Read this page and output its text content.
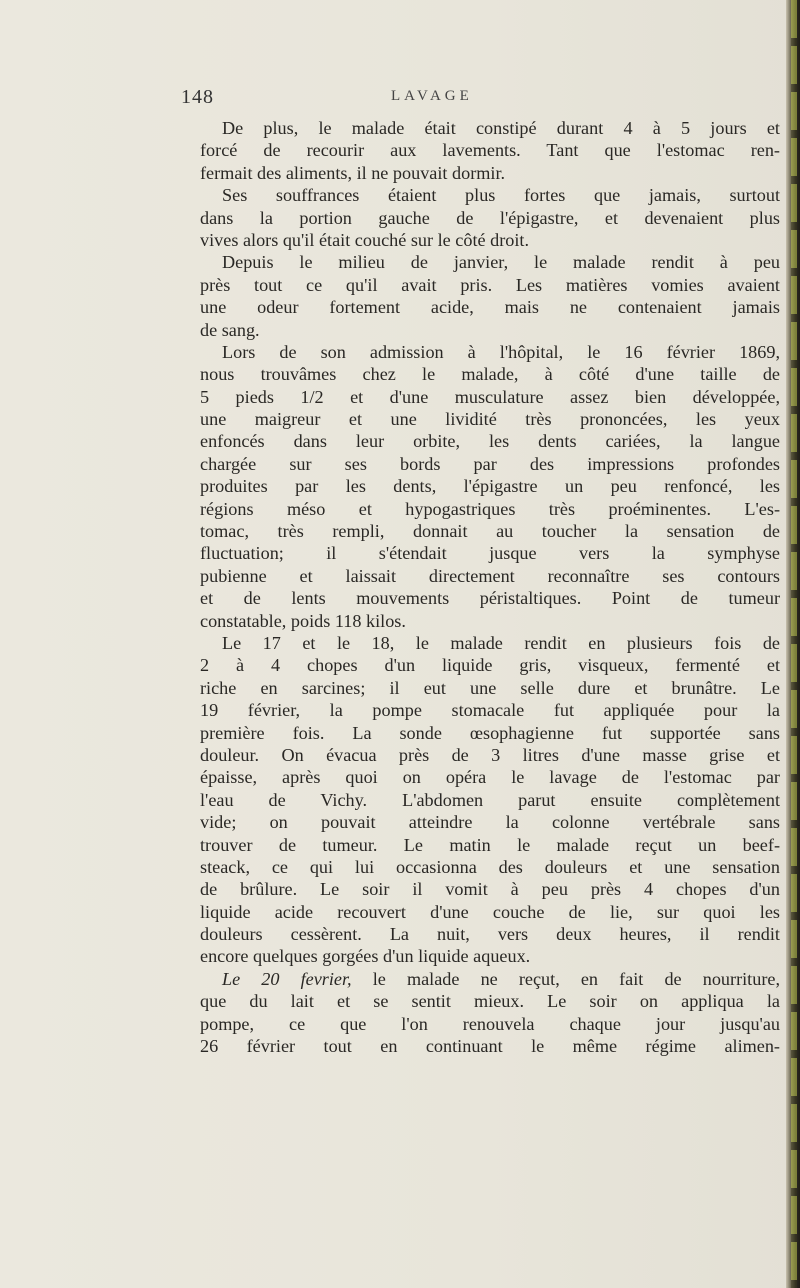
148	LAVAGE
De plus, le malade était constipé durant 4 à 5 jours et
forcé de recourir aux lavements. Tant que l'estomac ren-
fermait des aliments, il ne pouvait dormir.
Ses souffrances étaient plus fortes que jamais, surtout
dans la portion gauche de l'épigastre, et devenaient plus
vives alors qu'il était couché sur le côté droit.
Depuis le milieu de janvier, le malade rendit à peu
près tout ce qu'il avait pris. Les matières vomies avaient
une odeur fortement acide, mais ne contenaient jamais
de sang.
Lors de son admission à l'hôpital, le 16 février 1869,
nous trouvâmes chez le malade, à côté d'une taille de
5 pieds 1/2 et d'une musculature assez bien développée,
une maigreur et une lividité très prononcées, les yeux
enfoncés dans leur orbite, les dents cariées, la langue
chargée sur ses bords par des impressions profondes
produites par les dents, l'épigastre un peu renfoncé, les
régions méso et hypogastriques très proéminentes. L'es-
tomac, très rempli, donnait au toucher la sensation de
fluctuation; il s'étendait jusque vers la symphyse
pubienne et laissait directement reconnaître ses contours
et de lents mouvements péristaltiques. Point de tumeur
constatable, poids 118 kilos.
Le 17 et le 18, le malade rendit en plusieurs fois de
2 à 4 chopes d'un liquide gris, visqueux, fermenté et
riche en sarcines; il eut une selle dure et brunâtre. Le
19 février, la pompe stomacale fut appliquée pour la
première fois. La sonde œsophagienne fut supportée sans
douleur. On évacua près de 3 litres d'une masse grise et
épaisse, après quoi on opéra le lavage de l'estomac par
l'eau de Vichy. L'abdomen parut ensuite complètement
vide; on pouvait atteindre la colonne vertébrale sans
trouver de tumeur. Le matin le malade reçut un beef-
steack, ce qui lui occasionna des douleurs et une sensation
de brûlure. Le soir il vomit à peu près 4 chopes d'un
liquide acide recouvert d'une couche de lie, sur quoi les
douleurs cessèrent. La nuit, vers deux heures, il rendit
encore quelques gorgées d'un liquide aqueux.
Le 20 fevrier, le malade ne reçut, en fait de nourriture,
que du lait et se sentit mieux. Le soir on appliqua la
pompe, ce que l'on renouvela chaque jour jusqu'au
26 février tout en continuant le même régime alimen-
